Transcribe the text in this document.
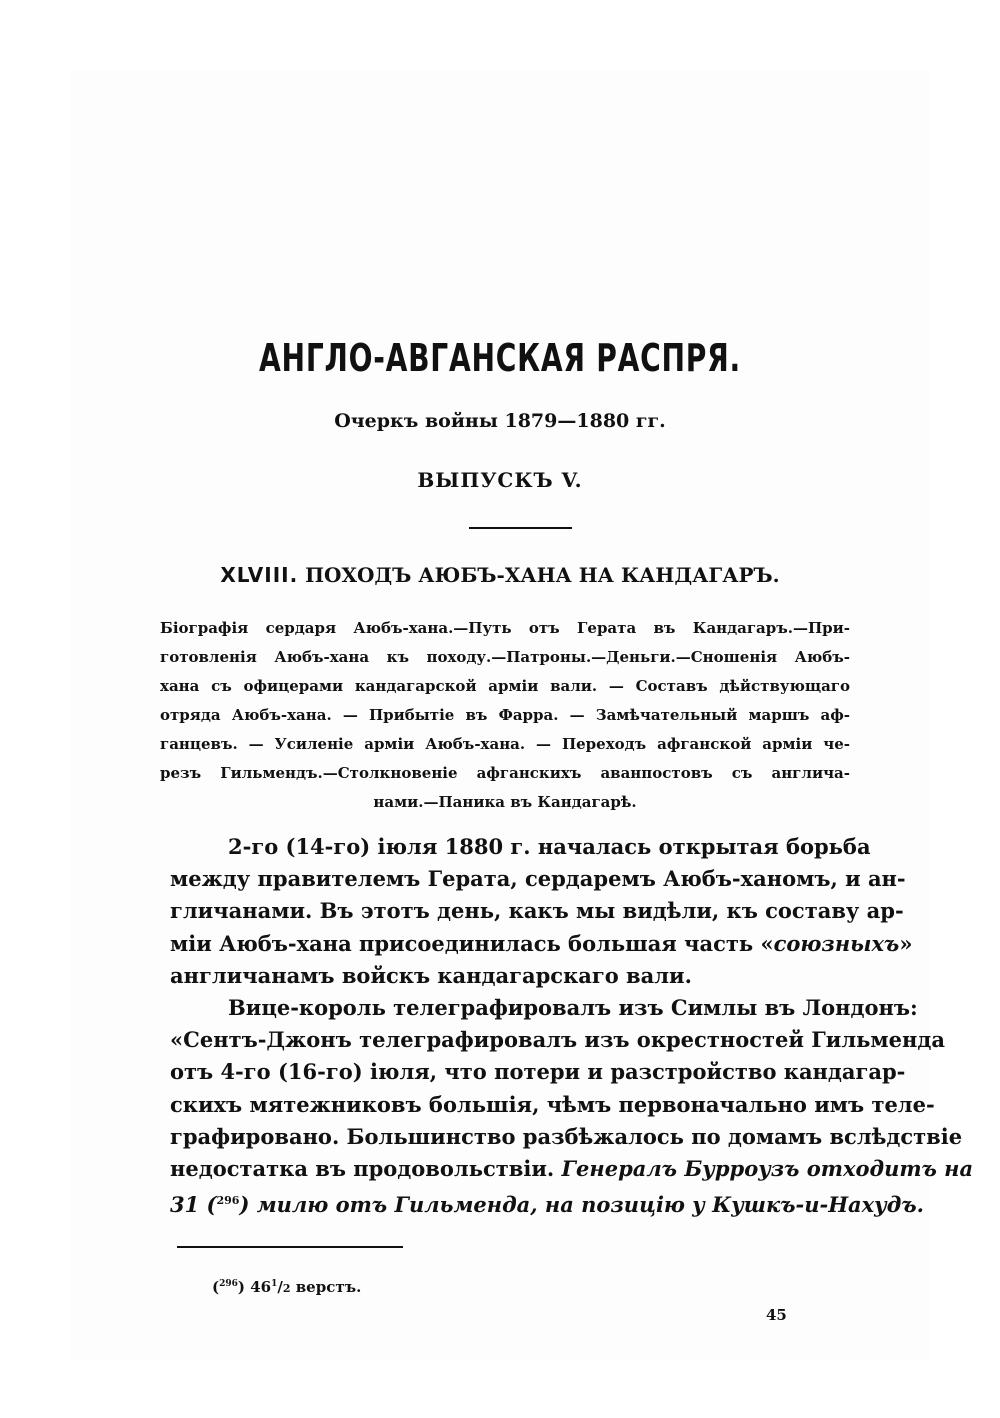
АНГЛО-АВГАНСКАЯ РАСПРЯ.
Очеркъ войны 1879—1880 гг.
ВЫПУСКЪ V.
XLVIII. ПОХОДЪ АЮБЪ-ХАНА НА КАНДАГАРЪ.
Біографія сердаря Аюбъ-хана.—Путь отъ Герата въ Кандагаръ.—При-
готовленія Аюбъ-хана къ походу.—Патроны.—Деньги.—Сношенія Аюбъ-
хана съ офицерами кандагарской арміи вали. — Составъ дѣйствующаго
отряда Аюбъ-хана. — Прибытіе въ Фарра. — Замѣчательный маршъ аф-
ганцевъ. — Усиленіе арміи Аюбъ-хана. — Переходъ афганской арміи че-
резъ Гильмендъ.—Столкновеніе афганскихъ аванпостовъ съ англича-
нами.—Паника въ Кандагарѣ.
2-го (14-го) іюля 1880 г. началась открытая борьба
между правителемъ Герата, сердаремъ Аюбъ-ханомъ, и ан-
гличанами. Въ этотъ день, какъ мы видѣли, къ составу ар-
міи Аюбъ-хана присоединилась большая часть «союзныхъ»
англичанамъ войскъ кандагарскаго вали.
Вице-король телеграфировалъ изъ Симлы въ Лондонъ:
«Сентъ-Джонъ телеграфировалъ изъ окрестностей Гильменда
отъ 4-го (16-го) іюля, что потери и разстройство кандагар-
скихъ мятежниковъ большія, чѣмъ первоначально имъ теле-
графировано. Большинство разбѣжалось по домамъ вслѣдствіе
недостатка въ продовольствіи. Генералъ Бурроузъ отходитъ на
31 ($^{296}$) милю отъ Гильменда, на позицію у Кушкъ-и-Нахудъ.
($^{296}$) $46^1/2$ верстъ.
45
